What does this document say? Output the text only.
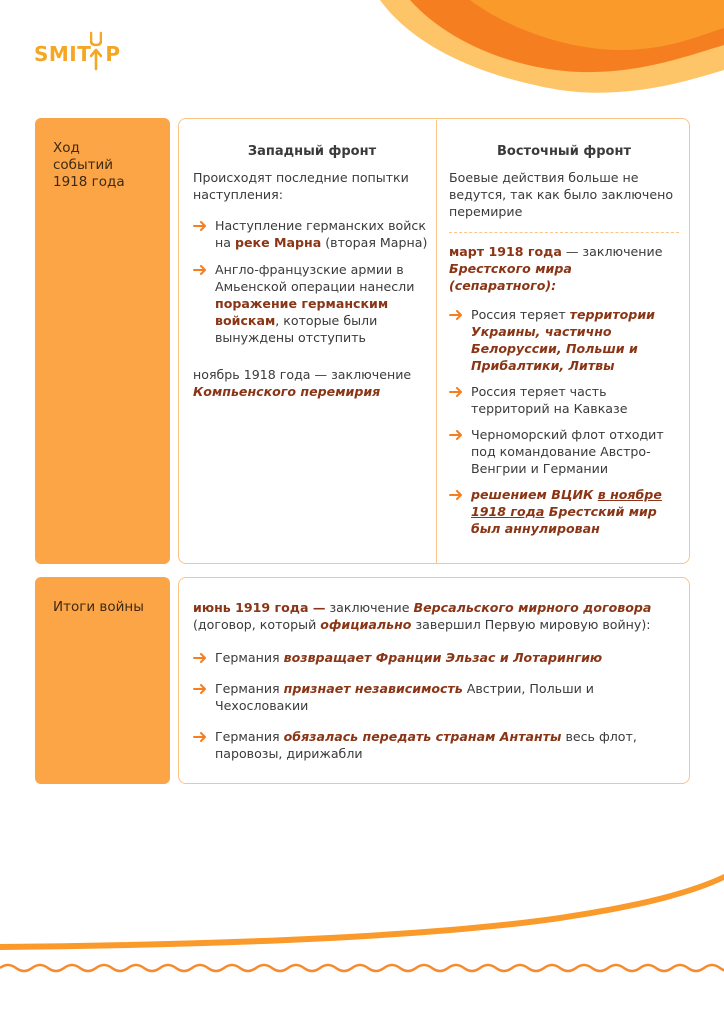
SMIT P
Ход событий 1918 года
Западный фронт
Происходят последние попытки наступления:
Наступление германских войск на реке Марна (вторая Марна)
Англо-французские армии в Амьенской операции нанесли поражение германским войскам, которые были вынуждены отступить
ноябрь 1918 года — заключение Компьенского перемирия
Восточный фронт
Боевые действия больше не ведутся, так как было заключено перемирие
март 1918 года — заключение Брестского мира (сепаратного):
Россия теряет территории Украины, частично Белоруссии, Польши и Прибалтики, Литвы
Россия теряет часть территорий на Кавказе
Черноморский флот отходит под командование Австро-Венгрии и Германии
решением ВЦИК в ноябре 1918 года Брестский мир был аннулирован
Итоги войны	июнь 1919 года — заключение Версальского мирного договора
(договор, который официально завершил Первую мировую войну):
Германия возвращает Франции Эльзас и Лотарингию
Германия признает независимость Австрии, Польши и Чехословакии
Германия обязалась передать странам Антанты весь флот, паровозы, дирижабли
